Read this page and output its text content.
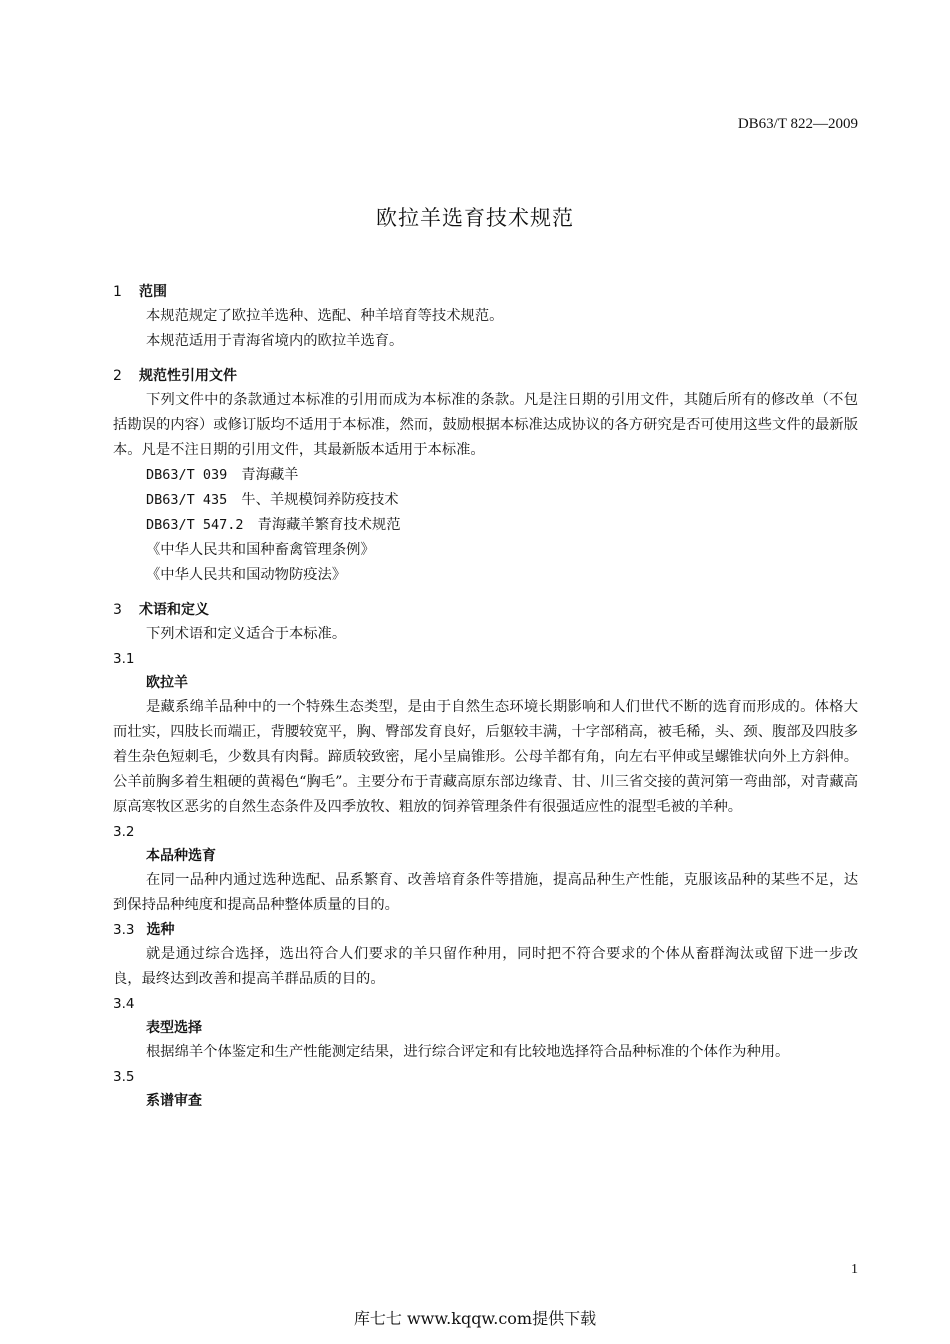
DB63/T 822—2009
欧拉羊选育技术规范
1 范围

本规范规定了欧拉羊选种、选配、种羊培育等技术规范。

本规范适用于青海省境内的欧拉羊选育。

2 规范性引用文件

下列文件中的条款通过本标准的引用而成为本标准的条款。凡是注日期的引用文件，其随后所有的修改单（不包括勘误的内容）或修订版均不适用于本标准，然而，鼓励根据本标准达成协议的各方研究是否可使用这些文件的最新版本。凡是不注日期的引用文件，其最新版本适用于本标准。

DB63/T 039 青海藏羊

DB63/T 435 牛、羊规模饲养防疫技术

DB63/T 547.2 青海藏羊繁育技术规范

《中华人民共和国种畜禽管理条例》

《中华人民共和国动物防疫法》

3 术语和定义

下列术语和定义适合于本标准。

3.1
欧拉羊

是藏系绵羊品种中的一个特殊生态类型，是由于自然生态环境长期影响和人们世代不断的选育而形成的。体格大而壮实，四肢长而端正，背腰较宽平，胸、臀部发育良好，后躯较丰满，十字部稍高，被毛稀，头、颈、腹部及四肢多着生杂色短刺毛，少数具有肉髯。蹄质较致密，尾小呈扁锥形。公母羊都有角，向左右平伸或呈螺锥状向外上方斜伸。公羊前胸多着生粗硬的黄褐色“胸毛”。主要分布于青藏高原东部边缘青、甘、川三省交接的黄河第一弯曲部，对青藏高原高寒牧区恶劣的自然生态条件及四季放牧、粗放的饲养管理条件有很强适应性的混型毛被的羊种。

3.2
本品种选育

在同一品种内通过选种选配、品系繁育、改善培育条件等措施，提高品种生产性能，克服该品种的某些不足，达到保持品种纯度和提高品种整体质量的目的。

3.3 选种

就是通过综合选择，选出符合人们要求的羊只留作种用，同时把不符合要求的个体从畜群淘汰或留下进一步改良，最终达到改善和提高羊群品质的目的。

3.4
表型选择

根据绵羊个体鉴定和生产性能测定结果，进行综合评定和有比较地选择符合品种标准的个体作为种用。

3.5
系谱审查
1
库七七 www.kqqw.com提供下载
